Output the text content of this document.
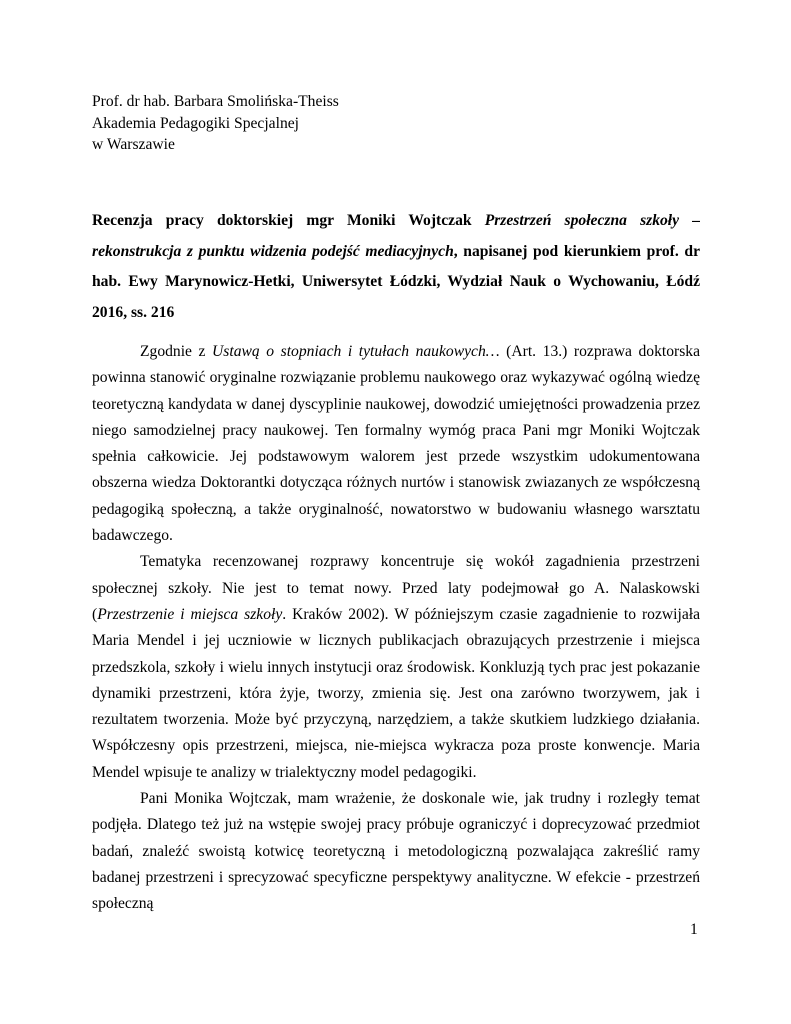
Prof. dr hab. Barbara Smolińska-Theiss
Akademia Pedagogiki Specjalnej
w Warszawie
Recenzja pracy doktorskiej mgr Moniki Wojtczak Przestrzeń społeczna szkoły – rekonstrukcja z punktu widzenia podejść mediacyjnych, napisanej pod kierunkiem prof. dr hab. Ewy Marynowicz-Hetki, Uniwersytet Łódzki, Wydział Nauk o Wychowaniu, Łódź 2016, ss. 216

Zgodnie z Ustawą o stopniach i tytułach naukowych… (Art. 13.) rozprawa doktorska powinna stanowić oryginalne rozwiązanie problemu naukowego oraz wykazywać ogólną wiedzę teoretyczną kandydata w danej dyscyplinie naukowej, dowodzić umiejętności prowadzenia przez niego samodzielnej pracy naukowej. Ten formalny wymóg praca Pani mgr Moniki Wojtczak spełnia całkowicie. Jej podstawowym walorem jest przede wszystkim udokumentowana obszerna wiedza Doktorantki dotycząca różnych nurtów i stanowisk zwiazanych ze współczesną pedagogiką społeczną, a także oryginalność, nowatorstwo w budowaniu własnego warsztatu badawczego.

Tematyka recenzowanej rozprawy koncentruje się wokół zagadnienia przestrzeni społecznej szkoły. Nie jest to temat nowy. Przed laty podejmował go A. Nalaskowski (Przestrzenie i miejsca szkoły. Kraków 2002). W późniejszym czasie zagadnienie to rozwijała Maria Mendel i jej uczniowie w licznych publikacjach obrazujących przestrzenie i miejsca przedszkola, szkoły i wielu innych instytucji oraz środowisk. Konkluzją tych prac jest pokazanie dynamiki przestrzeni, która żyje, tworzy, zmienia się. Jest ona zarówno tworzywem, jak i rezultatem tworzenia. Może być przyczyną, narzędziem, a także skutkiem ludzkiego działania. Współczesny opis przestrzeni, miejsca, nie-miejsca wykracza poza proste konwencje. Maria Mendel wpisuje te analizy w trialektyczny model pedagogiki.

Pani Monika Wojtczak, mam wrażenie, że doskonale wie, jak trudny i rozległy temat podjęła. Dlatego też już na wstępie swojej pracy próbuje ograniczyć i doprecyzować przedmiot badań, znaleźć swoistą kotwicę teoretyczną i metodologiczną pozwalająca zakreślić ramy badanej przestrzeni i sprecyzować specyficzne perspektywy analityczne. W efekcie - przestrzeń społeczną

1
